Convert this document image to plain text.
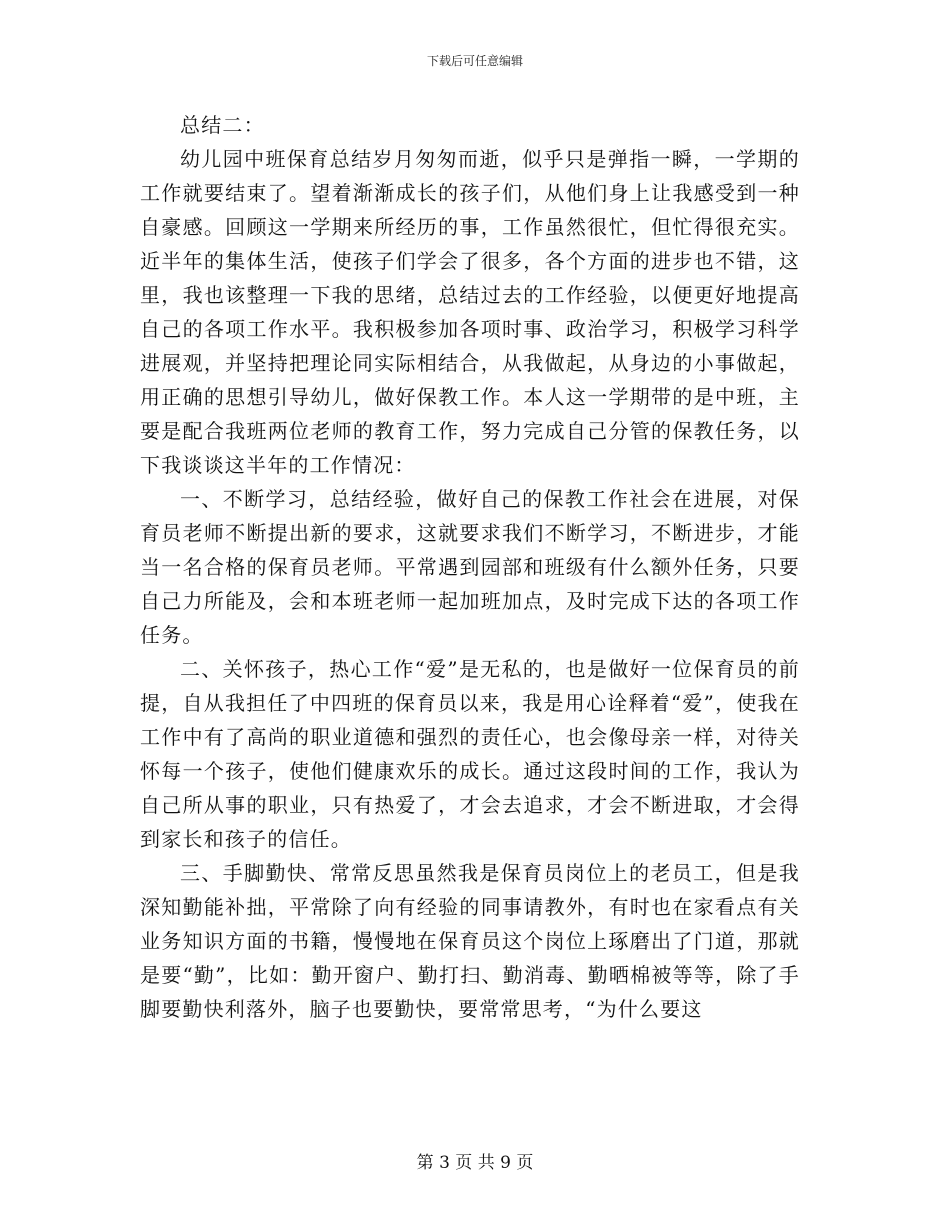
下载后可任意编辑

总结二：

幼儿园中班保育总结岁月匆匆而逝，似乎只是弹指一瞬，一学期的工作就要结束了。望着渐渐成长的孩子们，从他们身上让我感受到一种自豪感。回顾这一学期来所经历的事，工作虽然很忙，但忙得很充实。近半年的集体生活，使孩子们学会了很多，各个方面的进步也不错，这里，我也该整理一下我的思绪，总结过去的工作经验，以便更好地提高自己的各项工作水平。我积极参加各项时事、政治学习，积极学习科学进展观，并坚持把理论同实际相结合，从我做起，从身边的小事做起，用正确的思想引导幼儿，做好保教工作。本人这一学期带的是中班，主要是配合我班两位老师的教育工作，努力完成自己分管的保教任务，以下我谈谈这半年的工作情况：

一、不断学习，总结经验，做好自己的保教工作社会在进展，对保育员老师不断提出新的要求，这就要求我们不断学习，不断进步，才能当一名合格的保育员老师。平常遇到园部和班级有什么额外任务，只要自己力所能及，会和本班老师一起加班加点，及时完成下达的各项工作任务。

二、关怀孩子，热心工作“爱”是无私的，也是做好一位保育员的前提，自从我担任了中四班的保育员以来，我是用心诠释着“爱”，使我在工作中有了高尚的职业道德和强烈的责任心，也会像母亲一样，对待关怀每一个孩子，使他们健康欢乐的成长。通过这段时间的工作，我认为自己所从事的职业，只有热爱了，才会去追求，才会不断进取，才会得到家长和孩子的信任。

三、手脚勤快、常常反思虽然我是保育员岗位上的老员工，但是我深知勤能补拙，平常除了向有经验的同事请教外，有时也在家看点有关业务知识方面的书籍，慢慢地在保育员这个岗位上琢磨出了门道，那就是要“勤”，比如：勤开窗户、勤打扫、勤消毒、勤晒棉被等等，除了手脚要勤快利落外，脑子也要勤快，要常常思考，“为什么要这

第 3 页 共 9 页
